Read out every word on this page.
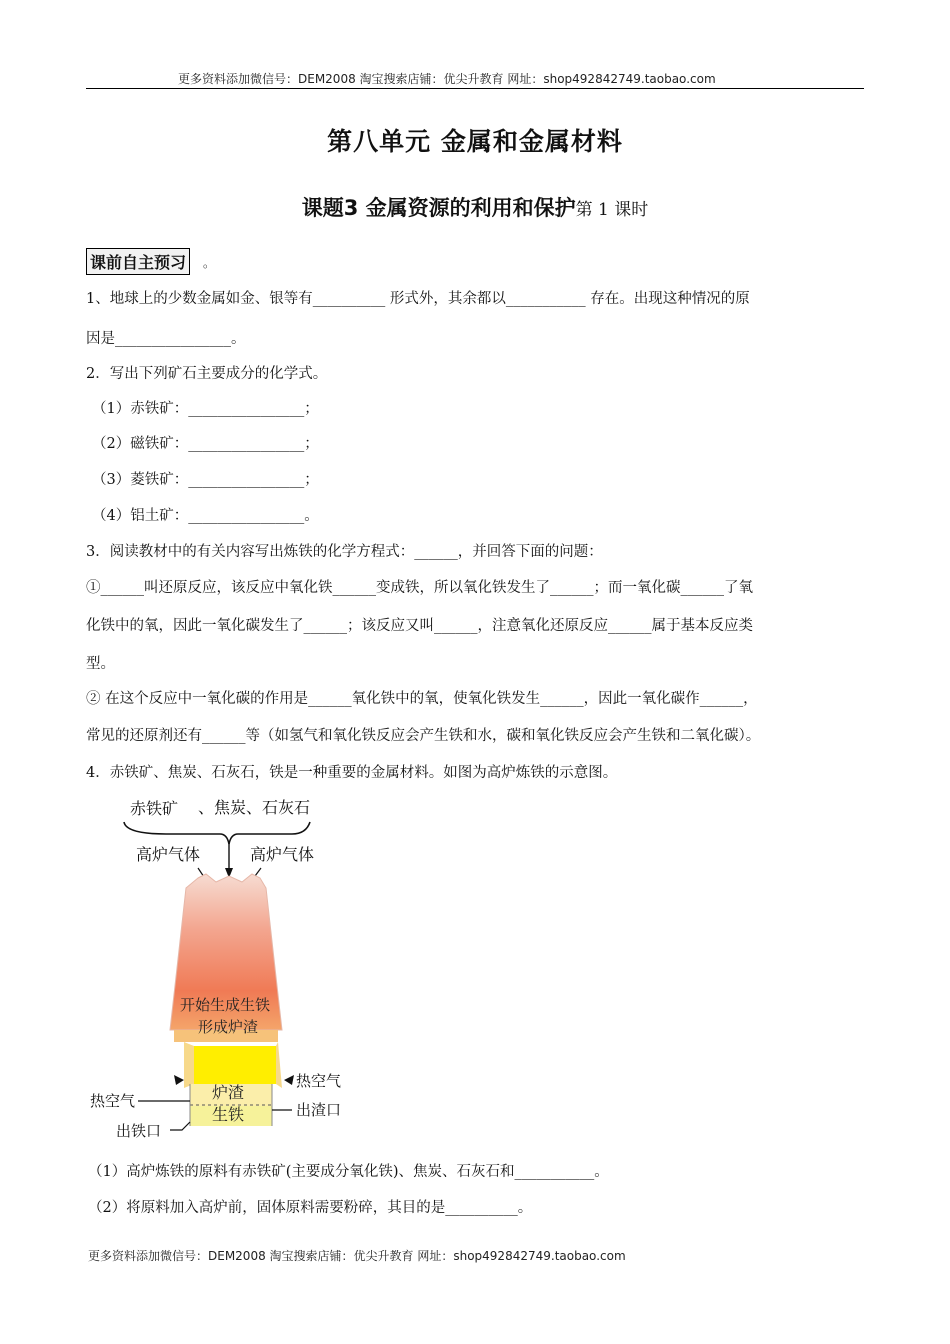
更多资料添加微信号：DEM2008 淘宝搜索店铺：优尖升教育 网址：shop492842749.taobao.com
第八单元 金属和金属材料
课题3 金属资源的利用和保护第 1 课时
课前自主预习	。
1、地球上的少数金属如金、银等有__________ 形式外，其余都以___________ 存在。出现这种情况的原
因是________________。
2．写出下列矿石主要成分的化学式。
（1）赤铁矿：________________；
（2）磁铁矿：________________；
（3）菱铁矿：________________；
（4）铝土矿：________________。
3．阅读教材中的有关内容写出炼铁的化学方程式：______，并回答下面的问题：
①______叫还原反应，该反应中氧化铁______变成铁，所以氧化铁发生了______；而一氧化碳______了氧
化铁中的氧，因此一氧化碳发生了______；该反应又叫______，注意氧化还原反应______属于基本反应类
型。
② 在这个反应中一氧化碳的作用是______氧化铁中的氧，使氧化铁发生______，因此一氧化碳作______，
常见的还原剂还有______等（如氢气和氧化铁反应会产生铁和水，碳和氧化铁反应会产生铁和二氧化碳）。
4．赤铁矿、焦炭、石灰石，铁是一种重要的金属材料。如图为高炉炼铁的示意图。
赤铁矿 、焦炭、石灰石
高炉气体	高炉气体
开始生成生铁
形成炉渣
炉渣
生铁
热空气
热空气
出渣口
出铁口
（1）高炉炼铁的原料有赤铁矿(主要成分氧化铁)、焦炭、石灰石和___________。
（2）将原料加入高炉前，固体原料需要粉碎，其目的是__________。
更多资料添加微信号：DEM2008 淘宝搜索店铺：优尖升教育 网址：shop492842749.taobao.com
